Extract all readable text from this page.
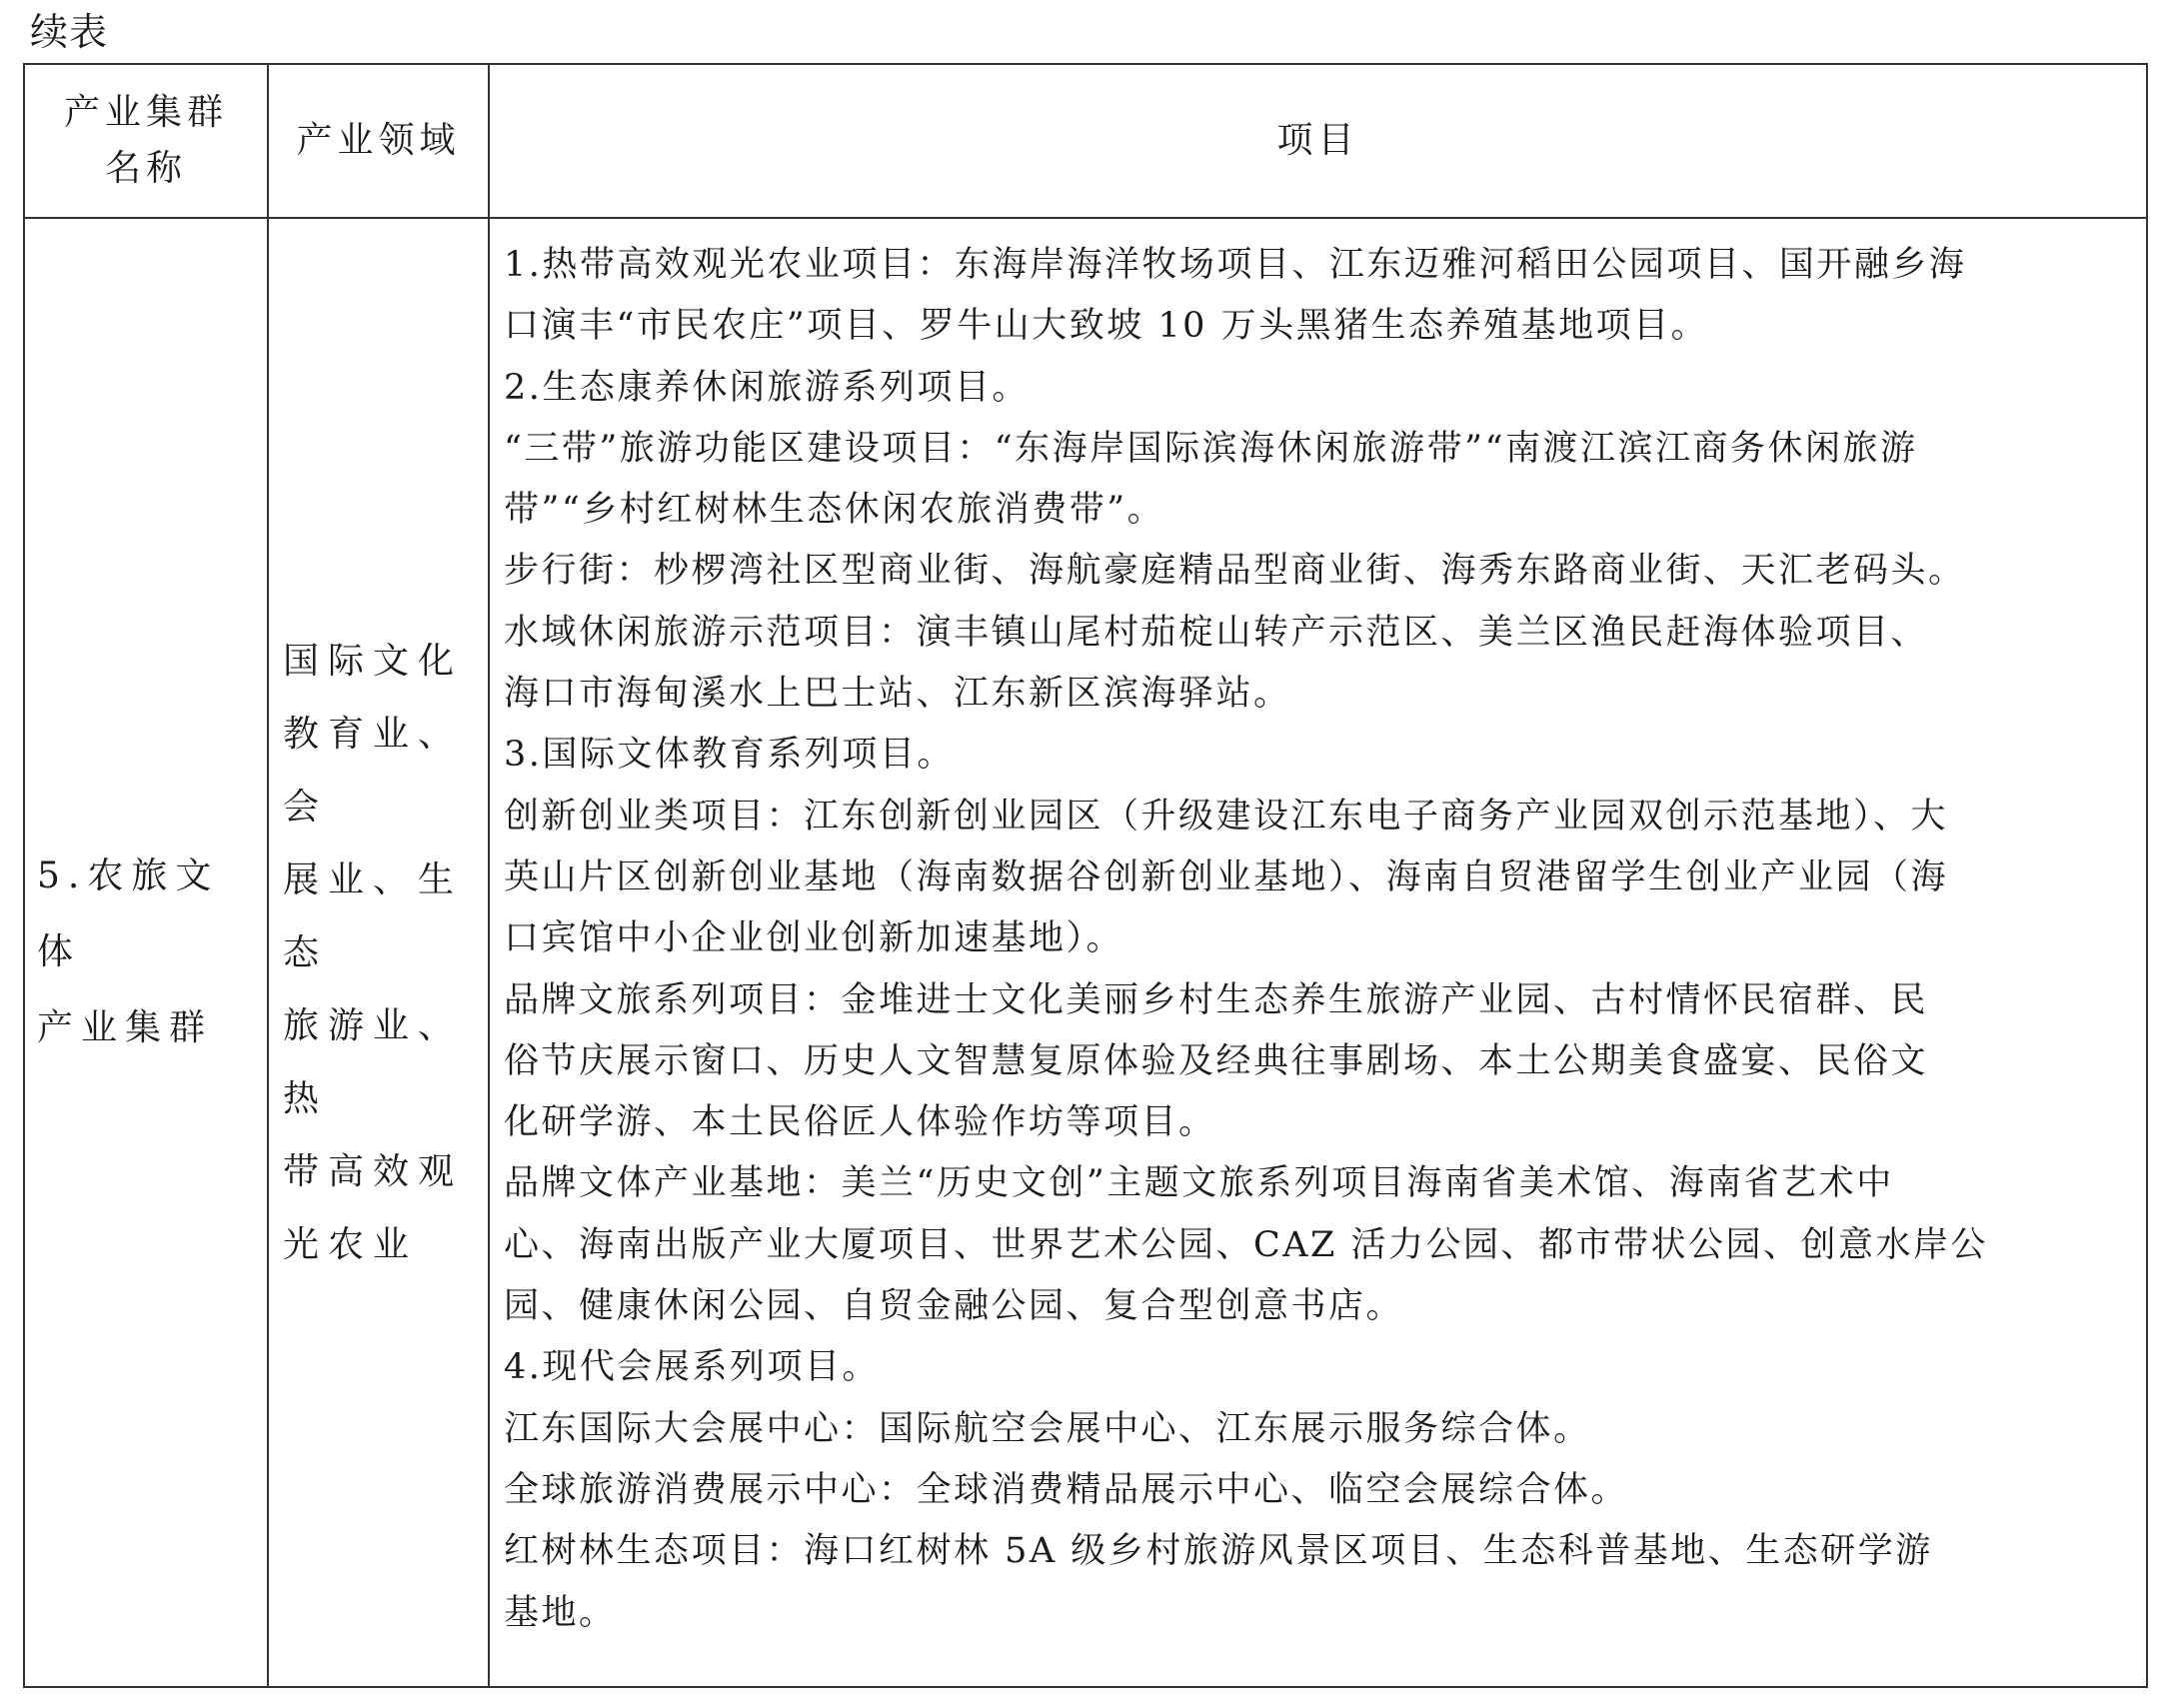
续表
产业集群
名称	产业领域	项目

5.农旅文体
产业集群

国际文化
教育业、会
展业、生态
旅游业、热
带高效观
光农业

1.热带高效观光农业项目：东海岸海洋牧场项目、江东迈雅河稻田公园项目、国开融乡海
口演丰“市民农庄”项目、罗牛山大致坡 10 万头黑猪生态养殖基地项目。
2.生态康养休闲旅游系列项目。
“三带”旅游功能区建设项目：“东海岸国际滨海休闲旅游带”“南渡江滨江商务休闲旅游
带”“乡村红树林生态休闲农旅消费带”。
步行街：杪椤湾社区型商业街、海航豪庭精品型商业街、海秀东路商业街、天汇老码头。
水域休闲旅游示范项目：演丰镇山尾村茄椗山转产示范区、美兰区渔民赶海体验项目、
海口市海甸溪水上巴士站、江东新区滨海驿站。
3.国际文体教育系列项目。
创新创业类项目：江东创新创业园区（升级建设江东电子商务产业园双创示范基地）、大
英山片区创新创业基地（海南数据谷创新创业基地）、海南自贸港留学生创业产业园（海
口宾馆中小企业创业创新加速基地）。
品牌文旅系列项目：金堆进士文化美丽乡村生态养生旅游产业园、古村情怀民宿群、民
俗节庆展示窗口、历史人文智慧复原体验及经典往事剧场、本土公期美食盛宴、民俗文
化研学游、本土民俗匠人体验作坊等项目。
品牌文体产业基地：美兰“历史文创”主题文旅系列项目海南省美术馆、海南省艺术中
心、海南出版产业大厦项目、世界艺术公园、CAZ 活力公园、都市带状公园、创意水岸公
园、健康休闲公园、自贸金融公园、复合型创意书店。
4.现代会展系列项目。
江东国际大会展中心：国际航空会展中心、江东展示服务综合体。
全球旅游消费展示中心：全球消费精品展示中心、临空会展综合体。
红树林生态项目：海口红树林 5A 级乡村旅游风景区项目、生态科普基地、生态研学游
基地。
